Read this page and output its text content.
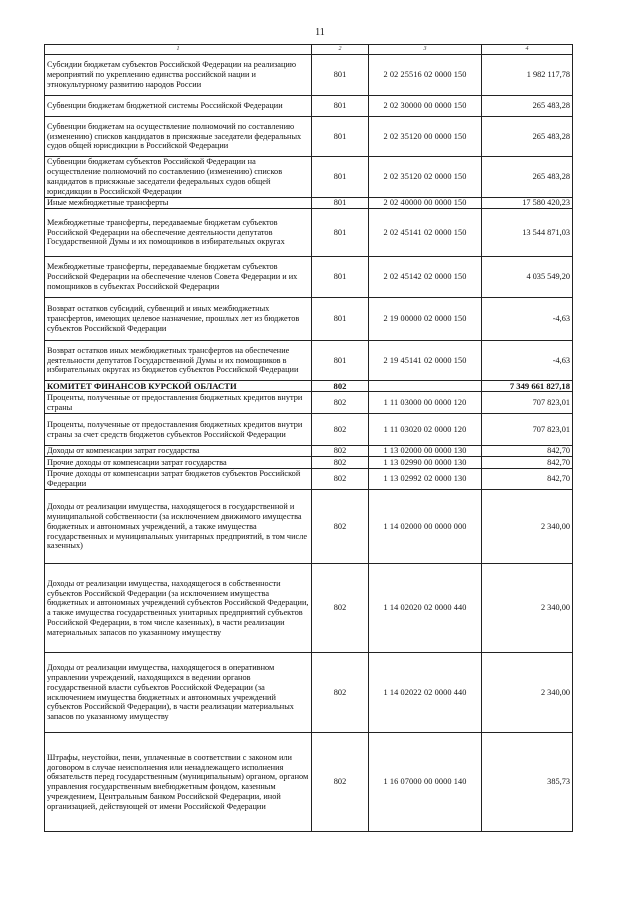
11
1	2	3	4
Субсидии бюджетам субъектов Российской Федерации на реализацию мероприятий по укреплению единства российской нации и этнокультурному развитию народов России	801	2 02 25516 02 0000 150	1 982 117,78
Субвенции бюджетам бюджетной системы Российской Федерации	801	2 02 30000 00 0000 150	265 483,28
Субвенции бюджетам на осуществление полномочий по составлению (изменению) списков кандидатов в присяжные заседатели федеральных судов общей юрисдикции в Российской Федерации	801	2 02 35120 00 0000 150	265 483,28
Субвенции бюджетам субъектов Российской Федерации на осуществление полномочий по составлению (изменению) списков кандидатов в присяжные заседатели федеральных судов общей юрисдикции в Российской Федерации	801	2 02 35120 02 0000 150	265 483,28
Иные межбюджетные трансферты	801	2 02 40000 00 0000 150	17 580 420,23
Межбюджетные трансферты, передаваемые бюджетам субъектов Российской Федерации на обеспечение деятельности депутатов Государственной Думы и их помощников в избирательных округах	801	2 02 45141 02 0000 150	13 544 871,03
Межбюджетные трансферты, передаваемые бюджетам субъектов Российской Федерации на обеспечение членов Совета Федерации и их помощников в субъектах Российской Федерации	801	2 02 45142 02 0000 150	4 035 549,20
Возврат остатков субсидий, субвенций и иных межбюджетных трансфертов, имеющих целевое назначение, прошлых лет из бюджетов субъектов Российской Федерации	801	2 19 00000 02 0000 150	-4,63
Возврат остатков иных межбюджетных трансфертов на обеспечение деятельности депутатов Государственной Думы и их помощников в избирательных округах из бюджетов субъектов Российской Федерации	801	2 19 45141 02 0000 150	-4,63
КОМИТЕТ ФИНАНСОВ КУРСКОЙ ОБЛАСТИ	802		7 349 661 827,18
Проценты, полученные от предоставления бюджетных кредитов внутри страны	802	1 11 03000 00 0000 120	707 823,01
Проценты, полученные от предоставления бюджетных кредитов внутри страны за счет средств бюджетов субъектов Российской Федерации	802	1 11 03020 02 0000 120	707 823,01
Доходы от компенсации затрат государства	802	1 13 02000 00 0000 130	842,70
Прочие доходы от компенсации затрат государства	802	1 13 02990 00 0000 130	842,70
Прочие доходы от компенсации затрат бюджетов субъектов Российской Федерации	802	1 13 02992 02 0000 130	842,70
Доходы от реализации имущества, находящегося в государственной и муниципальной собственности (за исключением движимого имущества бюджетных и автономных учреждений, а также имущества государственных и муниципальных унитарных предприятий, в том числе казенных)	802	1 14 02000 00 0000 000	2 340,00
Доходы от реализации имущества, находящегося в собственности субъектов Российской Федерации (за исключением имущества бюджетных и автономных учреждений субъектов Российской Федерации, а также имущества государственных унитарных предприятий субъектов Российской Федерации, в том числе казенных), в части реализации материальных запасов по указанному имуществу	802	1 14 02020 02 0000 440	2 340,00
Доходы от реализации имущества, находящегося в оперативном управлении учреждений, находящихся в ведении органов государственной власти субъектов Российской Федерации (за исключением имущества бюджетных и автономных учреждений субъектов Российской Федерации), в части реализации материальных запасов по указанному имуществу	802	1 14 02022 02 0000 440	2 340,00
Штрафы, неустойки, пени, уплаченные в соответствии с законом или договором в случае неисполнения или ненадлежащего исполнения обязательств перед государственным (муниципальным) органом, органом управления государственным внебюджетным фондом, казенным учреждением, Центральным банком Российской Федерации, иной организацией, действующей от имени Российской Федерации	802	1 16 07000 00 0000 140	385,73
